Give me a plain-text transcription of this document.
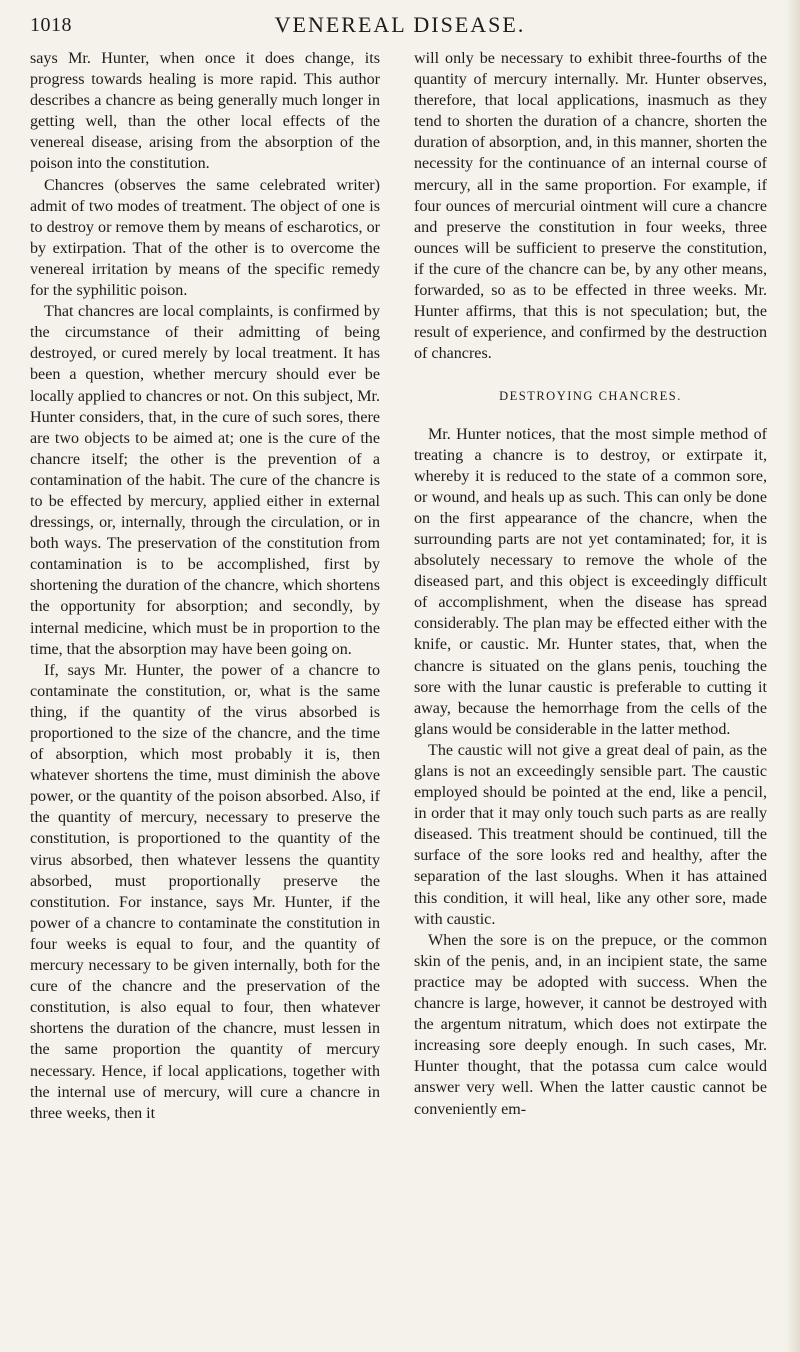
1018	VENEREAL DISEASE.

says Mr. Hunter, when once it does change, its progress towards healing is more rapid. This author describes a chancre as being generally much longer in getting well, than the other local effects of the venereal disease, arising from the absorption of the poison into the constitution.

Chancres (observes the same celebrated writer) admit of two modes of treatment. The object of one is to destroy or remove them by means of escharotics, or by extirpation. That of the other is to overcome the venereal irritation by means of the specific remedy for the syphilitic poison.

That chancres are local complaints, is confirmed by the circumstance of their admitting of being destroyed, or cured merely by local treatment. It has been a question, whether mercury should ever be locally applied to chancres or not. On this subject, Mr. Hunter considers, that, in the cure of such sores, there are two objects to be aimed at; one is the cure of the chancre itself; the other is the prevention of a contamination of the habit. The cure of the chancre is to be effected by mercury, applied either in external dressings, or, internally, through the circulation, or in both ways. The preservation of the constitution from contamination is to be accomplished, first by shortening the duration of the chancre, which shortens the opportunity for absorption; and secondly, by internal medicine, which must be in proportion to the time, that the absorption may have been going on.

If, says Mr. Hunter, the power of a chancre to contaminate the constitution, or, what is the same thing, if the quantity of the virus absorbed is proportioned to the size of the chancre, and the time of absorption, which most probably it is, then whatever shortens the time, must diminish the above power, or the quantity of the poison absorbed. Also, if the quantity of mercury, necessary to preserve the constitution, is proportioned to the quantity of the virus absorbed, then whatever lessens the quantity absorbed, must proportionally preserve the constitution. For instance, says Mr. Hunter, if the power of a chancre to contaminate the constitution in four weeks is equal to four, and the quantity of mercury necessary to be given internally, both for the cure of the chancre and the preservation of the constitution, is also equal to four, then whatever shortens the duration of the chancre, must lessen in the same proportion the quantity of mercury necessary. Hence, if local applications, together with the internal use of mercury, will cure a chancre in three weeks, then it

will only be necessary to exhibit three-fourths of the quantity of mercury internally. Mr. Hunter observes, therefore, that local applications, inasmuch as they tend to shorten the duration of a chancre, shorten the duration of absorption, and, in this manner, shorten the necessity for the continuance of an internal course of mercury, all in the same proportion. For example, if four ounces of mercurial ointment will cure a chancre and preserve the constitution in four weeks, three ounces will be sufficient to preserve the constitution, if the cure of the chancre can be, by any other means, forwarded, so as to be effected in three weeks. Mr. Hunter affirms, that this is not speculation; but, the result of experience, and confirmed by the destruction of chancres.

DESTROYING CHANCRES.

Mr. Hunter notices, that the most simple method of treating a chancre is to destroy, or extirpate it, whereby it is reduced to the state of a common sore, or wound, and heals up as such. This can only be done on the first appearance of the chancre, when the surrounding parts are not yet contaminated; for, it is absolutely necessary to remove the whole of the diseased part, and this object is exceedingly difficult of accomplishment, when the disease has spread considerably. The plan may be effected either with the knife, or caustic. Mr. Hunter states, that, when the chancre is situated on the glans penis, touching the sore with the lunar caustic is preferable to cutting it away, because the hemorrhage from the cells of the glans would be considerable in the latter method.

The caustic will not give a great deal of pain, as the glans is not an exceedingly sensible part. The caustic employed should be pointed at the end, like a pencil, in order that it may only touch such parts as are really diseased. This treatment should be continued, till the surface of the sore looks red and healthy, after the separation of the last sloughs. When it has attained this condition, it will heal, like any other sore, made with caustic.

When the sore is on the prepuce, or the common skin of the penis, and, in an incipient state, the same practice may be adopted with success. When the chancre is large, however, it cannot be destroyed with the argentum nitratum, which does not extirpate the increasing sore deeply enough. In such cases, Mr. Hunter thought, that the potassa cum calce would answer very well. When the latter caustic cannot be conveniently em-
